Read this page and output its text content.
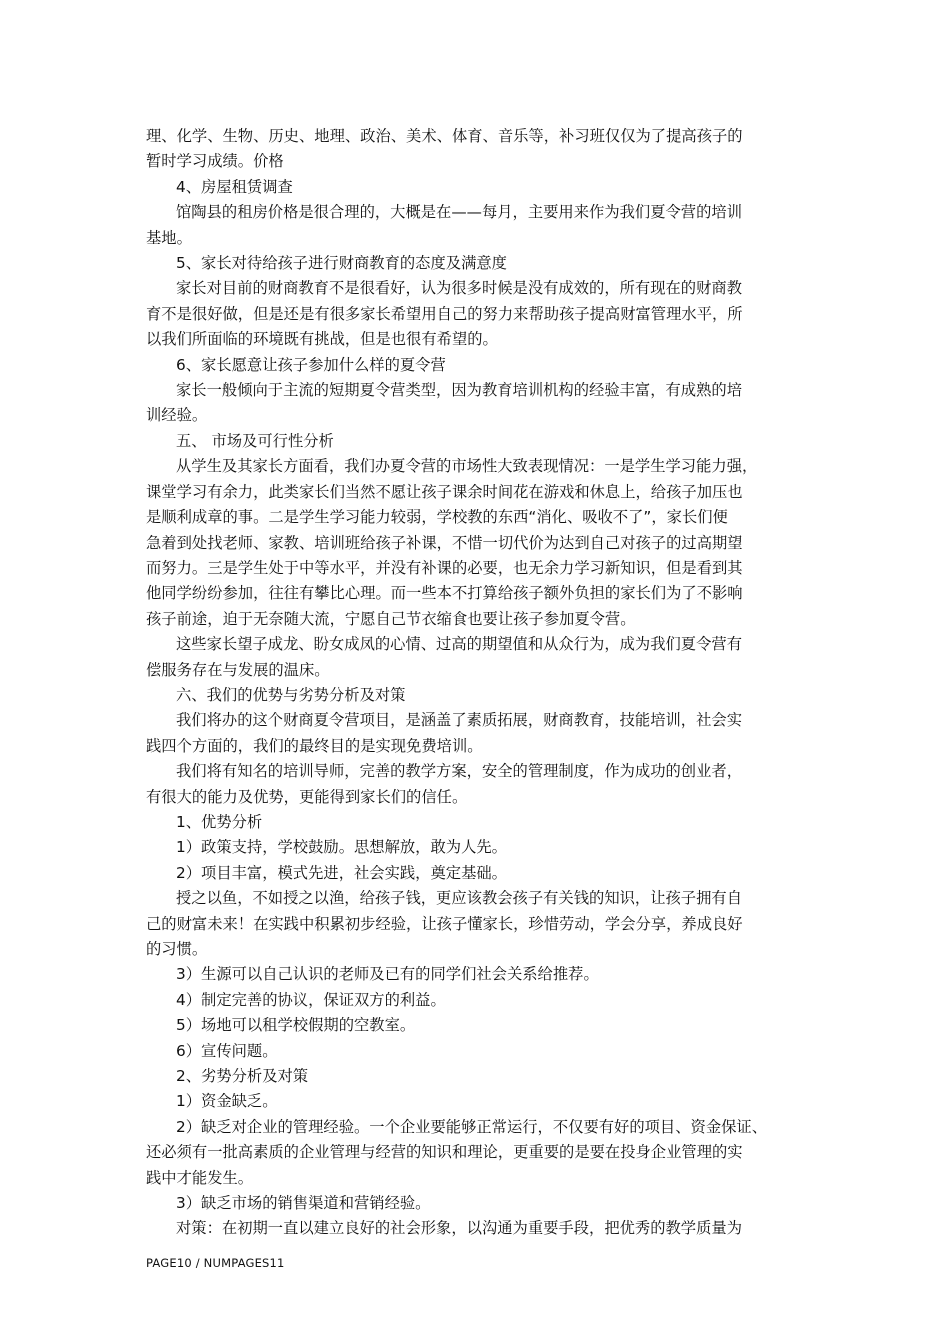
理、化学、生物、历史、地理、政治、美术、体育、音乐等，补习班仅仅为了提高孩子的

暂时学习成绩。价格

4、房屋租赁调查

馆陶县的租房价格是很合理的，大概是在——每月，主要用来作为我们夏令营的培训

基地。

5、家长对待给孩子进行财商教育的态度及满意度

家长对目前的财商教育不是很看好，认为很多时候是没有成效的，所有现在的财商教

育不是很好做，但是还是有很多家长希望用自己的努力来帮助孩子提高财富管理水平，所

以我们所面临的环境既有挑战，但是也很有希望的。

6、家长愿意让孩子参加什么样的夏令营

家长一般倾向于主流的短期夏令营类型，因为教育培训机构的经验丰富，有成熟的培

训经验。

五、 市场及可行性分析

从学生及其家长方面看，我们办夏令营的市场性大致表现情况：一是学生学习能力强，

课堂学习有余力，此类家长们当然不愿让孩子课余时间花在游戏和休息上，给孩子加压也

是顺利成章的事。二是学生学习能力较弱，学校教的东西“消化、吸收不了”，家长们便

急着到处找老师、家教、培训班给孩子补课，不惜一切代价为达到自己对孩子的过高期望

而努力。三是学生处于中等水平，并没有补课的必要，也无余力学习新知识，但是看到其

他同学纷纷参加，往往有攀比心理。而一些本不打算给孩子额外负担的家长们为了不影响

孩子前途，迫于无奈随大流，宁愿自己节衣缩食也要让孩子参加夏令营。

这些家长望子成龙、盼女成凤的心情、过高的期望值和从众行为，成为我们夏令营有

偿服务存在与发展的温床。

六、我们的优势与劣势分析及对策

我们将办的这个财商夏令营项目，是涵盖了素质拓展，财商教育，技能培训，社会实

践四个方面的，我们的最终目的是实现免费培训。

我们将有知名的培训导师，完善的教学方案，安全的管理制度，作为成功的创业者，

有很大的能力及优势，更能得到家长们的信任。

1、优势分析

1）政策支持，学校鼓励。思想解放，敢为人先。

2）项目丰富，模式先进，社会实践，奠定基础。

授之以鱼，不如授之以渔，给孩子钱，更应该教会孩子有关钱的知识，让孩子拥有自

己的财富未来！在实践中积累初步经验，让孩子懂家长，珍惜劳动，学会分享，养成良好

的习惯。

3）生源可以自己认识的老师及已有的同学们社会关系给推荐。

4）制定完善的协议，保证双方的利益。

5）场地可以租学校假期的空教室。

6）宣传问题。

2、劣势分析及对策

1）资金缺乏。

2）缺乏对企业的管理经验。一个企业要能够正常运行，不仅要有好的项目、资金保证、

还必须有一批高素质的企业管理与经营的知识和理论，更重要的是要在投身企业管理的实

践中才能发生。

3）缺乏市场的销售渠道和营销经验。

对策：在初期一直以建立良好的社会形象，以沟通为重要手段，把优秀的教学质量为

PAGE10 / NUMPAGES11
